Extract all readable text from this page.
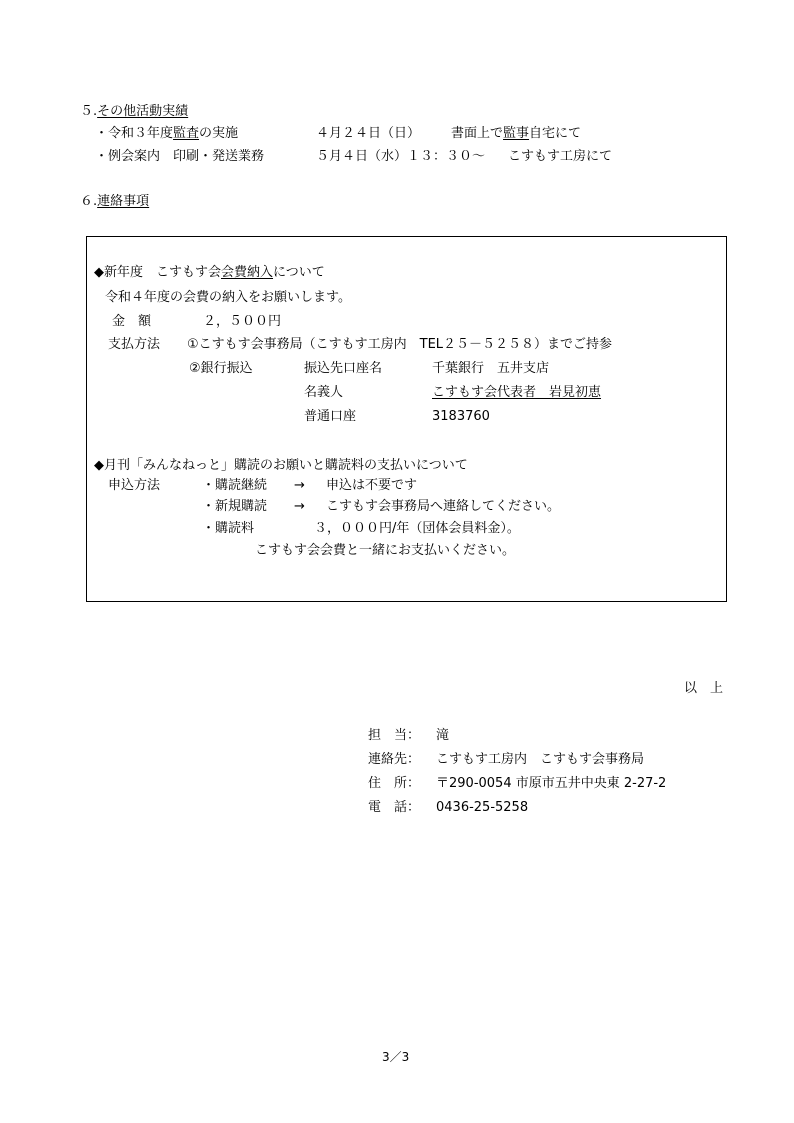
５.その他活動実績
・令和３年度監査の実施	４月２４日（日） 書面上で監事自宅にて
・例会案内　印刷・発送業務	５月４日（水）１３：３０～ こすもす工房にて
６.連絡事項
◆新年度　こすもす会会費納入について
令和４年度の会費の納入をお願いします。
金　額	２，５００円
支払方法 ①こすもす会事務局（こすもす工房内　TEL２５－５２５８）までご持参
②銀行振込	振込先口座名	千葉銀行　五井支店
名義人	こすもす会代表者　岩見初恵
普通口座	3183760
◆月刊「みんなねっと」購読のお願いと購読料の支払いについて
申込方法	・購読継続 → 申込は不要です
・新規購読 → こすもす会事務局へ連絡してください。
・購読料	３，０００円/年（団体会員料金）。
こすもす会会費と一緒にお支払いください。
以　上
担　当： 滝
連絡先： こすもす工房内　こすもす会事務局
住　所： 〒290-0054 市原市五井中央東 2-27-2
電　話： 0436-25-5258
3／3
